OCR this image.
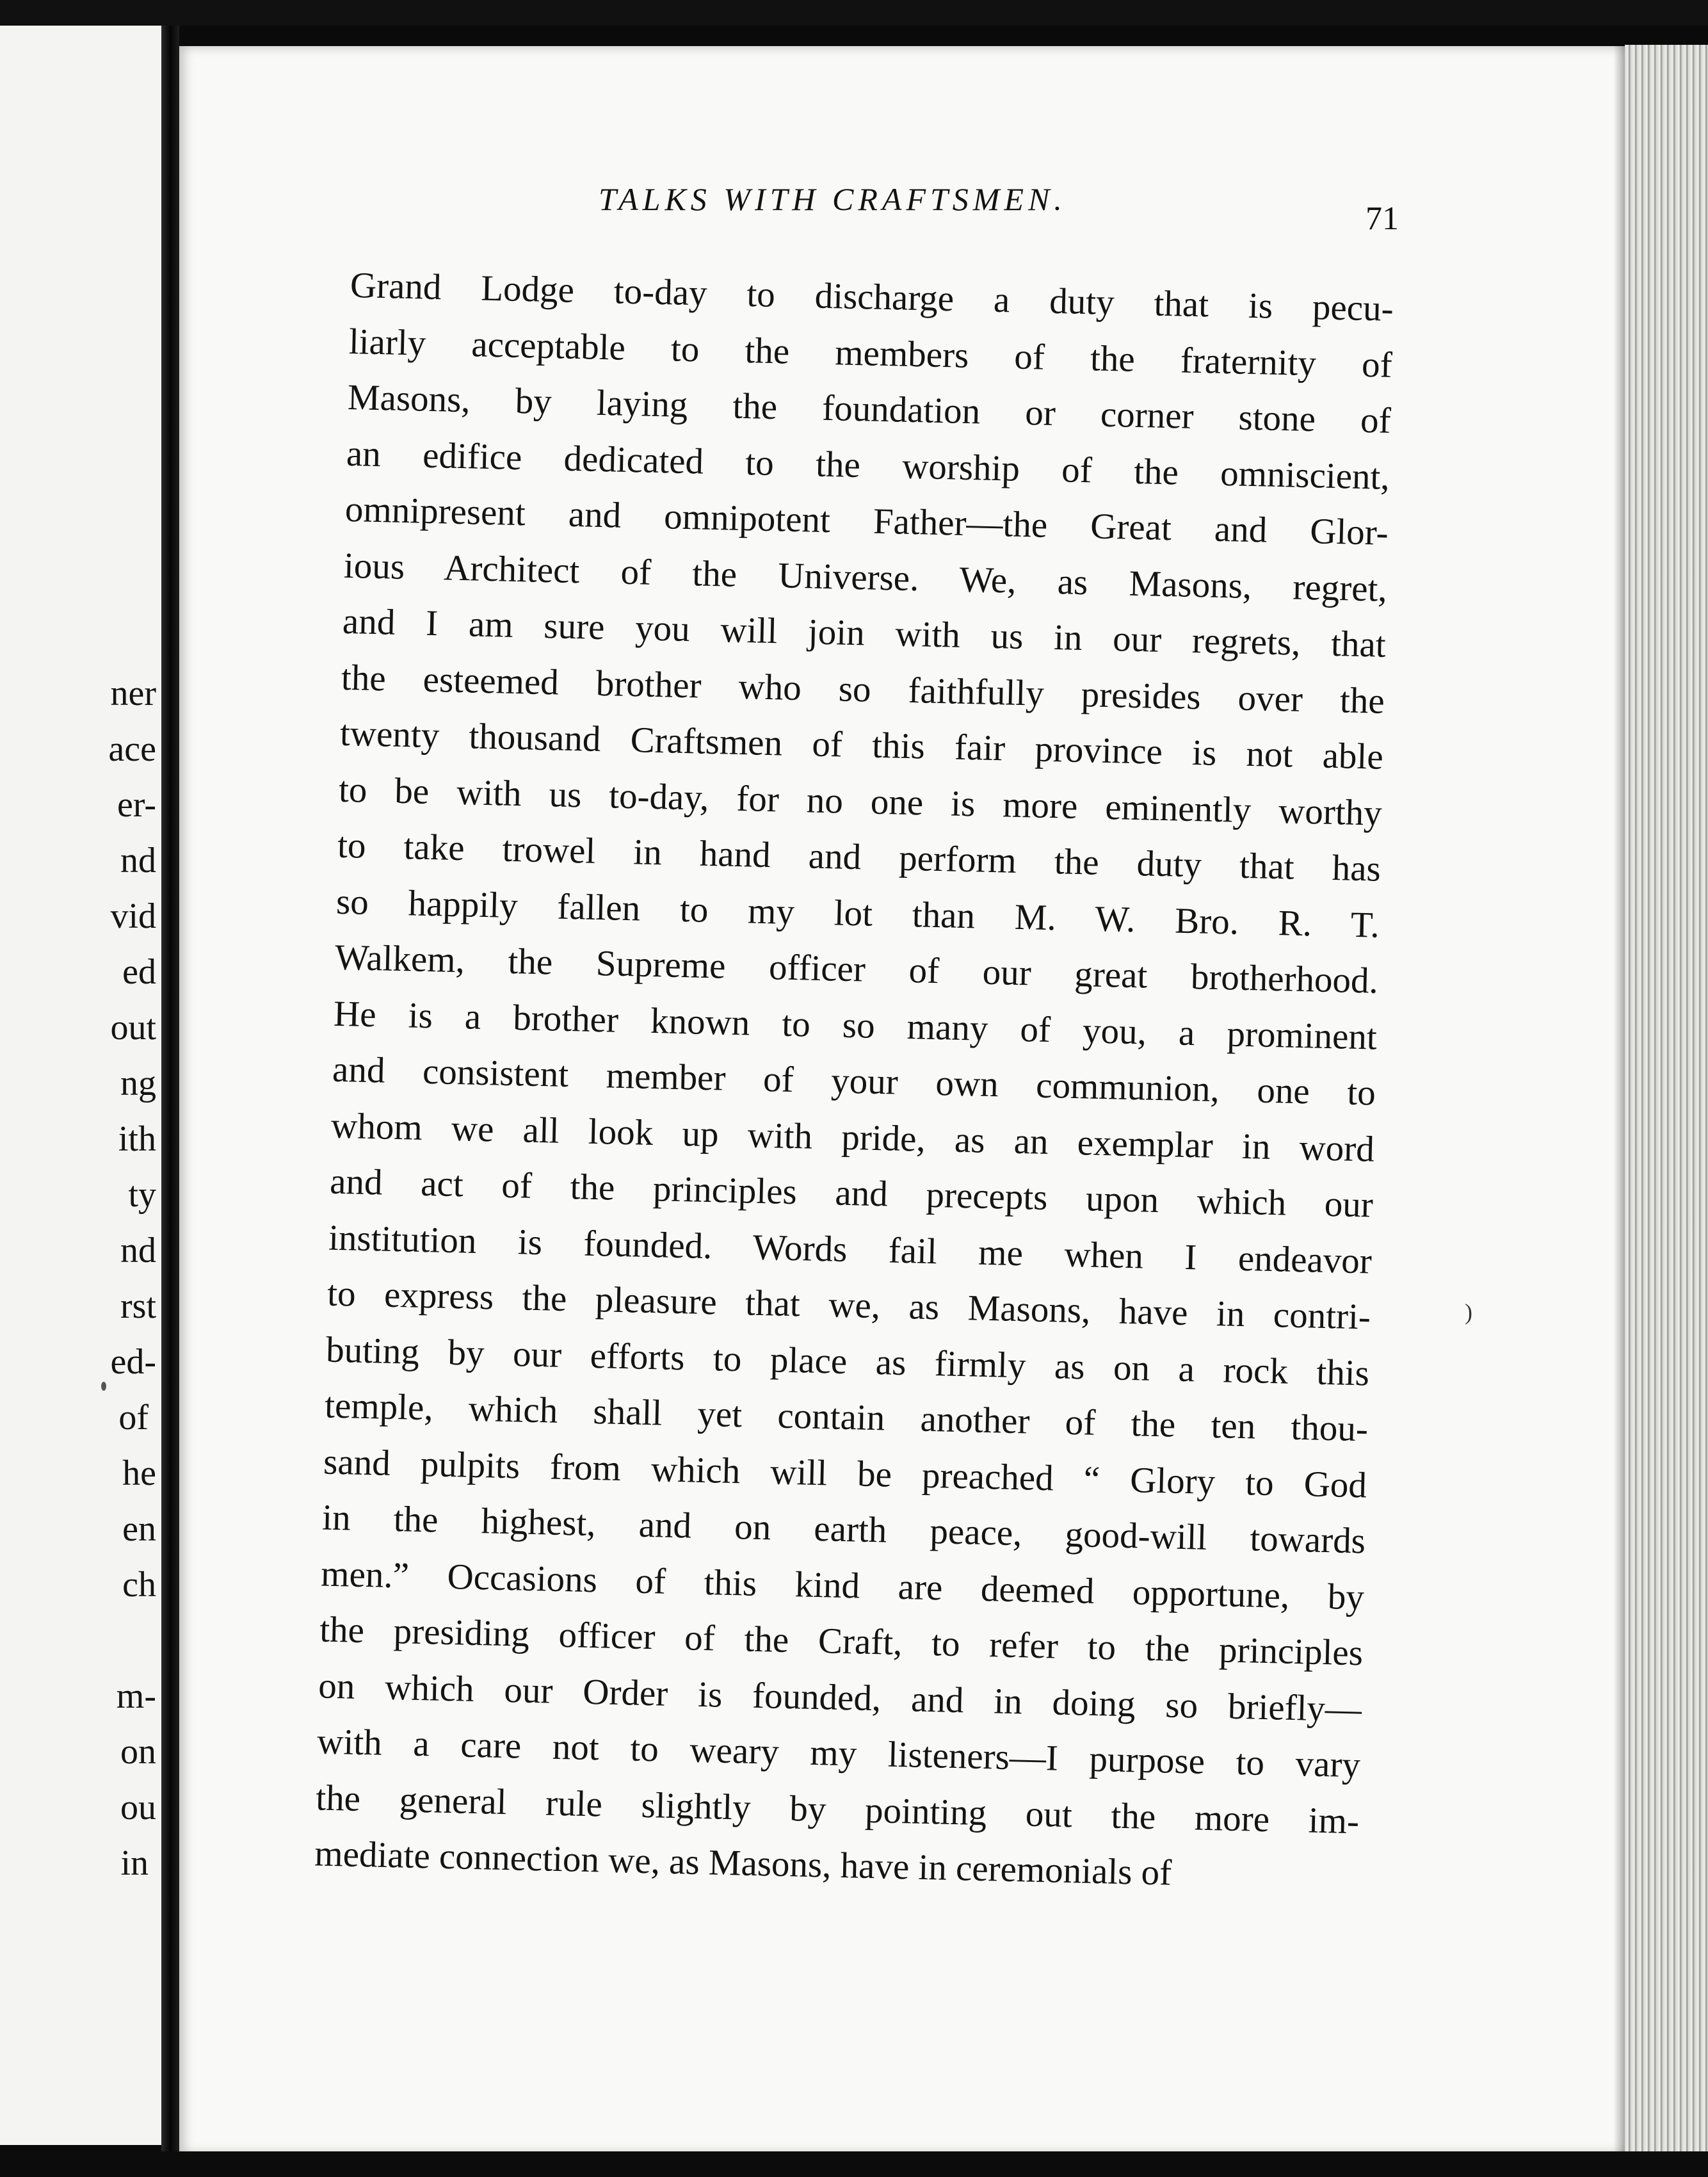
ner
ace
er-
nd
vid
ed
out
ng
ith
ty
nd
rst
ed-
of
he
en
ch
m-
on
ou
in
TALKS WITH CRAFTSMEN.
71
Grand Lodge to-day to discharge a duty that is pecu-
liarly acceptable to the members of the fraternity of
Masons, by laying the foundation or corner stone of
an edifice dedicated to the worship of the omniscient,
omnipresent and omnipotent Father—the Great and Glor-
ious Architect of the Universe. We, as Masons, regret,
and I am sure you will join with us in our regrets, that
the esteemed brother who so faithfully presides over the
twenty thousand Craftsmen of this fair province is not able
to be with us to-day, for no one is more eminently worthy
to take trowel in hand and perform the duty that has
so happily fallen to my lot than M. W. Bro. R. T.
Walkem, the Supreme officer of our great brotherhood.
He is a brother known to so many of you, a prominent
and consistent member of your own communion, one to
whom we all look up with pride, as an exemplar in word
and act of the principles and precepts upon which our
institution is founded. Words fail me when I endeavor
to express the pleasure that we, as Masons, have in contri-
buting by our efforts to place as firmly as on a rock this
temple, which shall yet contain another of the ten thou-
sand pulpits from which will be preached “ Glory to God
in the highest, and on earth peace, good-will towards
men.” Occasions of this kind are deemed opportune, by
the presiding officer of the Craft, to refer to the principles
on which our Order is founded, and in doing so briefly—
with a care not to weary my listeners—I purpose to vary
the general rule slightly by pointing out the more im-
mediate connection we, as Masons, have in ceremonials of
)
